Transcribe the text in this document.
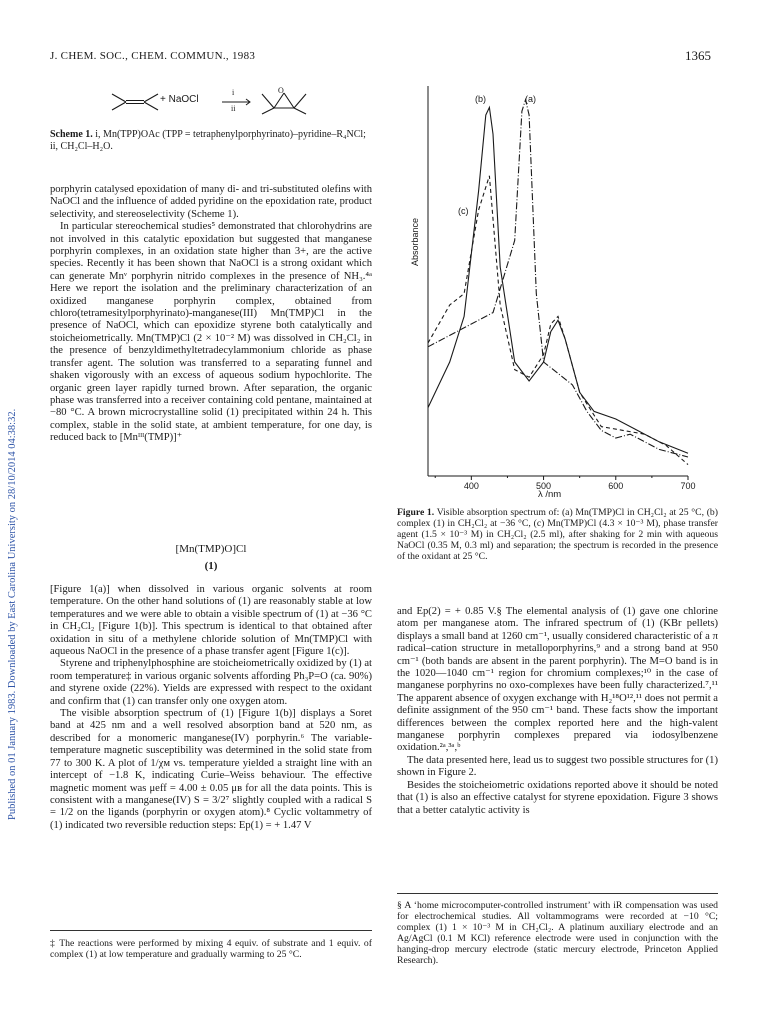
Published on 01 January 1983. Downloaded by East Carolina University on 28/10/2014 04:38:32.
J. CHEM. SOC., CHEM. COMMUN., 1983	1365
+ NaOCl
i
ii
O
Scheme 1. i, Mn(TPP)OAc (TPP = tetraphenylporphyrinato)–pyridine–R₄NCl; ii, CH₂Cl–H₂O.

porphyrin catalysed epoxidation of many di- and tri-substituted olefins with NaOCl and the influence of added pyridine on the epoxidation rate, product selectivity, and stereoselectivity (Scheme 1).

In particular stereochemical studies⁵ demonstrated that chlorohydrins are not involved in this catalytic epoxidation but suggested that manganese porphyrin complexes, in an oxidation state higher than 3+, are the active species. Recently it has been shown that NaOCl is a strong oxidant which can generate Mnᵛ porphyrin nitrido complexes in the presence of NH₃.⁴ᵃ Here we report the isolation and the preliminary characterization of an oxidized manganese porphyrin complex, obtained from chloro(tetramesitylporphyrinato)-manganese(III) Mn(TMP)Cl in the presence of NaOCl, which can epoxidize styrene both catalytically and stoicheiometrically. Mn(TMP)Cl (2 × 10⁻² M) was dissolved in CH₂Cl₂ in the presence of benzyldimethyltetradecylammonium chloride as phase transfer agent. The solution was transferred to a separating funnel and shaken vigorously with an excess of aqueous sodium hypochlorite. The organic green layer rapidly turned brown. After separation, the organic phase was transferred into a receiver containing cold pentane, maintained at −80 °C. A brown microcrystalline solid (1) precipitated within 24 h. This complex, stable in the solid state, at ambient temperature, for one day, is reduced back to [Mnᴵᴵᴵ(TMP)]⁺

[Mn(TMP)O]Cl
(1)

[Figure 1(a)] when dissolved in various organic solvents at room temperature. On the other hand solutions of (1) are reasonably stable at low temperatures and we were able to obtain a visible spectrum of (1) at −36 °C in CH₂Cl₂ [Figure 1(b)]. This spectrum is identical to that obtained after oxidation in situ of a methylene chloride solution of Mn(TMP)Cl with aqueous NaOCl in the presence of a phase transfer agent [Figure 1(c)].

Styrene and triphenylphosphine are stoicheiometrically oxidized by (1) at room temperature‡ in various organic solvents affording Ph₃P=O (ca. 90%) and styrene oxide (22%). Yields are expressed with respect to the oxidant and confirm that (1) can transfer only one oxygen atom.

The visible absorption spectrum of (1) [Figure 1(b)] displays a Soret band at 425 nm and a well resolved absorption band at 520 nm, as described for a monomeric manganese(IV) porphyrin.⁶ The variable-temperature magnetic susceptibility was determined in the solid state from 77 to 300 K. A plot of 1/χᴍ vs. temperature yielded a straight line with an intercept of −1.8 K, indicating Curie–Weiss behaviour. The effective magnetic moment was μeff = 4.00 ± 0.05 μʙ for all the data points. This is consistent with a manganese(IV) S = 3/2⁷ slightly coupled with a radical S = 1/2 on the ligands (porphyrin or oxygen atom).⁸ Cyclic voltammetry of (1) indicated two reversible reduction steps: Ep(1) = + 1.47 V

‡ The reactions were performed by mixing 4 equiv. of substrate and 1 equiv. of complex (1) at low temperature and gradually warming to 25 °C.
400	500	600	700
Absorbance
λ /nm
(b)	(a)
(c)
Figure 1. Visible absorption spectrum of: (a) Mn(TMP)Cl in CH₂Cl₂ at 25 °C, (b) complex (1) in CH₂Cl₂ at −36 °C, (c) Mn(TMP)Cl (4.3 × 10⁻³ M), phase transfer agent (1.5 × 10⁻³ M) in CH₂Cl₂ (2.5 ml), after shaking for 2 min with aqueous NaOCl (0.35 M, 0.3 ml) and separation; the spectrum is recorded in the presence of the oxidant at 25 °C.

and Ep(2) = + 0.85 V.§ The elemental analysis of (1) gave one chlorine atom per manganese atom. The infrared spectrum of (1) (KBr pellets) displays a small band at 1260 cm⁻¹, usually considered characteristic of a π radical–cation structure in metalloporphyrins,⁹ and a strong band at 950 cm⁻¹ (both bands are absent in the parent porphyrin). The M=O band is in the 1020—1040 cm⁻¹ region for chromium complexes;¹⁰ in the case of manganese porphyrins no oxo-complexes have been fully characterized.⁷,¹¹ The apparent absence of oxygen exchange with H₂¹⁸O¹²,¹¹ does not permit a definite assignment of the 950 cm⁻¹ band. These facts show the important differences between the complex reported here and the high-valent manganese porphyrin complexes prepared via iodosylbenzene oxidation.²ᵃ,³ᵃ,ᵇ

The data presented here, lead us to suggest two possible structures for (1) shown in Figure 2.

Besides the stoicheiometric oxidations reported above it should be noted that (1) is also an effective catalyst for styrene epoxidation. Figure 3 shows that a better catalytic activity is

§ A ‘home microcomputer-controlled instrument’ with iR compensation was used for electrochemical studies. All voltammograms were recorded at −10 °C; complex (1) 1 × 10⁻³ M in CH₂Cl₂. A platinum auxiliary electrode and an Ag/AgCl (0.1 M KCl) reference electrode were used in conjunction with the hanging-drop mercury electrode (static mercury electrode, Princeton Applied Research).
